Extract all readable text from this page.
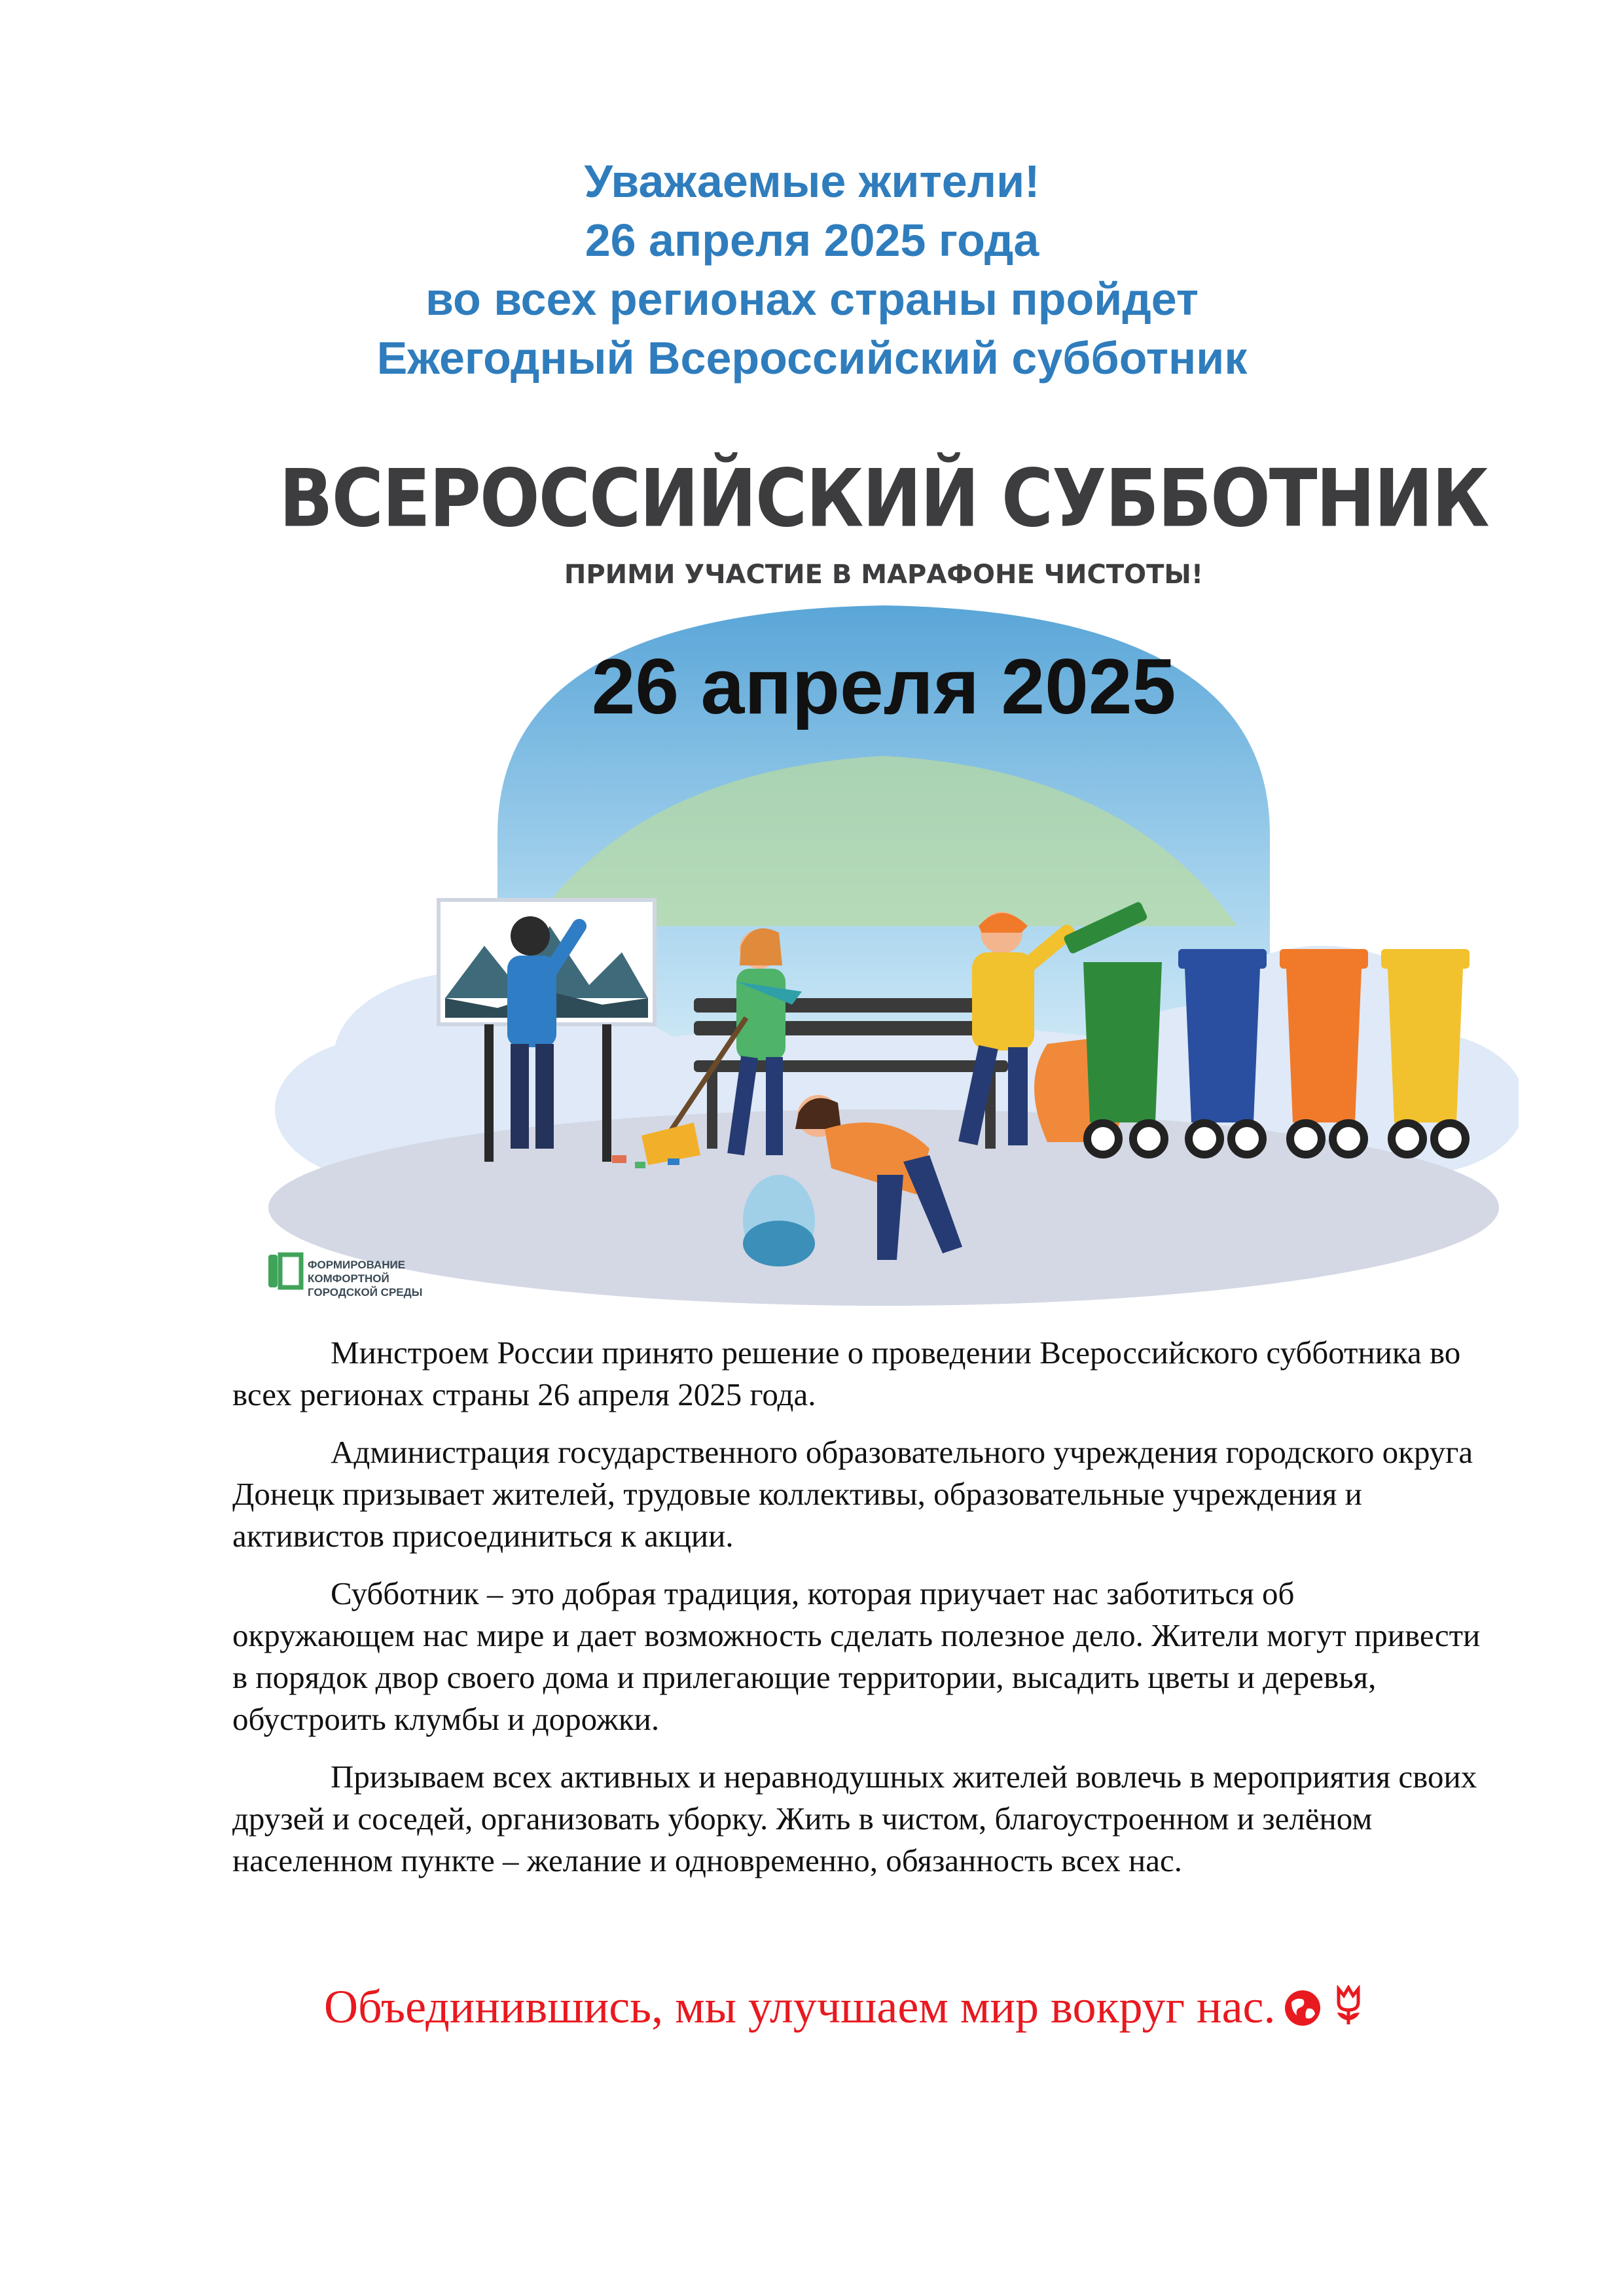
Уважаемые жители!
26 апреля 2025 года
во всех регионах страны пройдет
Ежегодный Всероссийский субботник
ВСЕРОССИЙСКИЙ СУББОТНИК
ПРИМИ УЧАСТИЕ В МАРАФОНЕ ЧИСТОТЫ!
26 апреля 2025
ФОРМИРОВАНИЕ
КОМФОРТНОЙ
ГОРОДСКОЙ СРЕДЫ

Минстроем России принято решение о проведении Всероссийского субботника во всех регионах страны 26 апреля 2025 года.

Администрация государственного образовательного учреждения городского округа Донецк призывает жителей, трудовые коллективы, образовательные учреждения и активистов присоединиться к акции.

Субботник – это добрая традиция, которая приучает нас заботиться об окружающем нас мире и дает возможность сделать полезное дело. Жители могут привести в порядок двор своего дома и прилегающие территории, высадить цветы и деревья, обустроить клумбы и дорожки.

Призываем всех активных и неравнодушных жителей вовлечь в мероприятия своих друзей и соседей, организовать уборку. Жить в чистом, благоустроенном и зелёном населенном пункте – желание и одновременно, обязанность всех нас.

Объединившись, мы улучшаем мир вокруг нас.
